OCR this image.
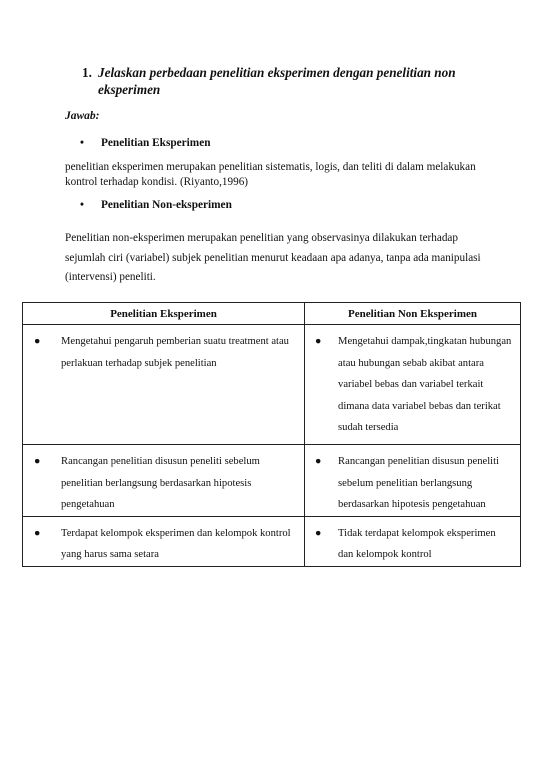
1. Jelaskan perbedaan penelitian eksperimen dengan penelitian non eksperimen
Jawab:
• Penelitian Eksperimen
penelitian eksperimen merupakan penelitian sistematis, logis, dan teliti di dalam melakukan kontrol terhadap kondisi. (Riyanto,1996)
• Penelitian Non-eksperimen
Penelitian non-eksperimen merupakan penelitian yang observasinya dilakukan terhadap sejumlah ciri (variabel) subjek penelitian menurut keadaan apa adanya, tanpa ada manipulasi (intervensi) peneliti.
Penelitian Eksperimen	Penelitian Non Eksperimen

● Mengetahui pengaruh pemberian suatu treatment atau perlakuan terhadap subjek penelitian	● Mengetahui dampak,tingkatan hubungan atau hubungan sebab akibat antara variabel bebas dan variabel terkait dimana data variabel bebas dan terikat sudah tersedia

● Rancangan penelitian disusun peneliti sebelum penelitian berlangsung berdasarkan hipotesis pengetahuan	● Rancangan penelitian disusun peneliti sebelum penelitian berlangsung berdasarkan hipotesis pengetahuan

● Terdapat kelompok eksperimen dan kelompok kontrol yang harus sama setara	● Tidak terdapat kelompok eksperimen dan kelompok kontrol
